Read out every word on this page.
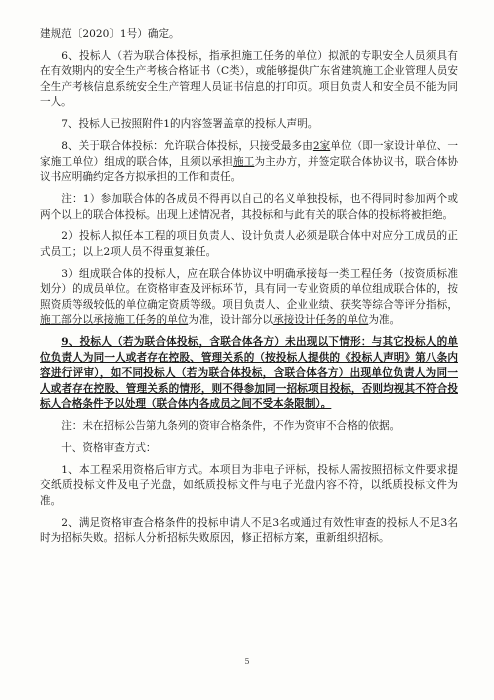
建规范〔2020〕1号）确定。

6、投标人（若为联合体投标，指承担施工任务的单位）拟派的专职安全人员须具有在有效期内的安全生产考核合格证书（C类），或能够提供广东省建筑施工企业管理人员安全生产考核信息系统安全生产管理人员证书信息的打印页。项目负责人和安全员不能为同一人。

7、投标人已按照附件1的内容签署盖章的投标人声明。

8、关于联合体投标：允许联合体投标，只接受最多由2家单位（即一家设计单位、一家施工单位）组成的联合体，且须以承担施工为主办方，并签定联合体协议书，联合体协议书应明确约定各方拟承担的工作和责任。

注：1）参加联合体的各成员不得再以自己的名义单独投标，也不得同时参加两个或两个以上的联合体投标。出现上述情况者，其投标和与此有关的联合体的投标将被拒绝。

2）投标人拟任本工程的项目负责人、设计负责人必须是联合体中对应分工成员的正式员工；以上2项人员不得重复兼任。

3）组成联合体的投标人，应在联合体协议中明确承接每一类工程任务（按资质标准划分）的成员单位。在资格审查及评标环节，具有同一专业资质的单位组成联合体的，按照资质等级较低的单位确定资质等级。项目负责人、企业业绩、获奖等综合等评分指标，施工部分以承接施工任务的单位为准，设计部分以承接设计任务的单位为准。

9、投标人（若为联合体投标，含联合体各方）未出现以下情形：与其它投标人的单位负责人为同一人或者存在控股、管理关系的（按投标人提供的《投标人声明》第八条内容进行评审），如不同投标人（若为联合体投标，含联合体各方）出现单位负责人为同一人或者存在控股、管理关系的情形，则不得参加同一招标项目投标，否则均视其不符合投标人合格条件予以处理（联合体内各成员之间不受本条限制）。

注：未在招标公告第九条列的资审合格条件，不作为资审不合格的依据。

十、资格审查方式：

1、本工程采用资格后审方式。本项目为非电子评标，投标人需按照招标文件要求提交纸质投标文件及电子光盘，如纸质投标文件与电子光盘内容不符，以纸质投标文件为准。

2、满足资格审查合格条件的投标申请人不足3名或通过有效性审查的投标人不足3名时为招标失败。招标人分析招标失败原因，修正招标方案，重新组织招标。

5
